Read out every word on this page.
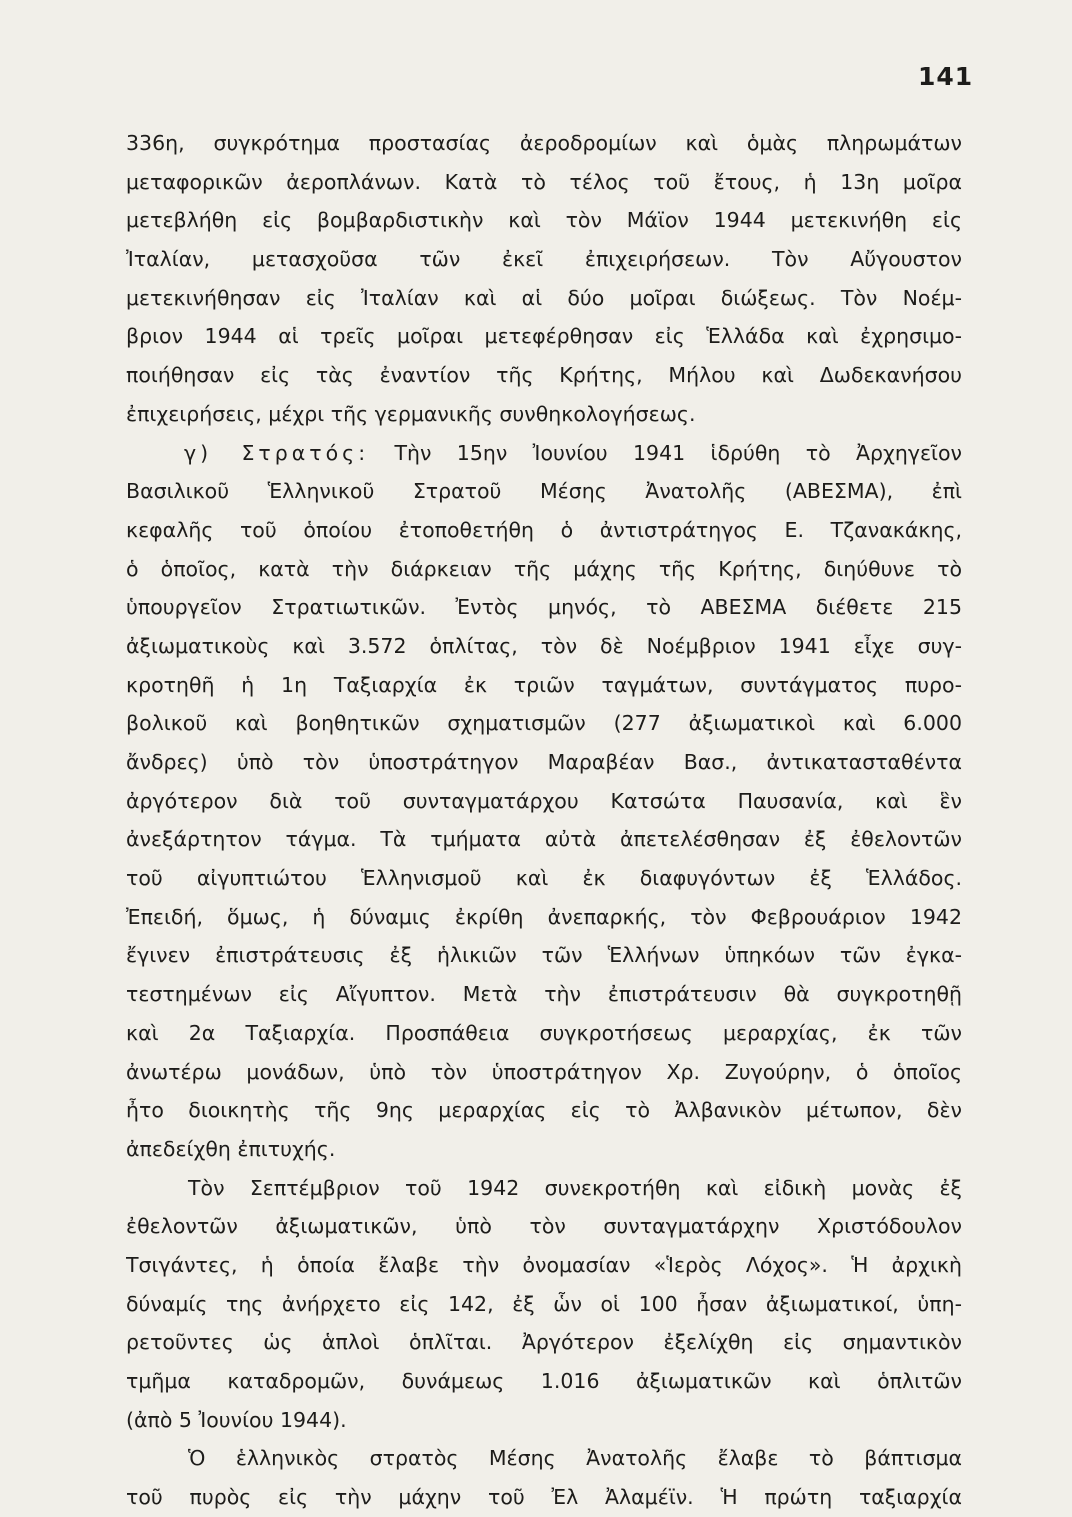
141
336η, συγκρότημα προστασίας ἀεροδρομίων καὶ ὁμὰς πληρωμάτων
μεταφορικῶν ἀεροπλάνων. Κατὰ τὸ τέλος τοῦ ἔτους, ἡ 13η μοῖρα
μετεβλήθη εἰς βομβαρδιστικὴν καὶ τὸν Μάϊον 1944 μετεκινήθη εἰς
Ἰταλίαν, μετασχοῦσα τῶν ἐκεῖ ἐπιχειρήσεων. Τὸν Αὔγουστον
μετεκινήθησαν εἰς Ἰταλίαν καὶ αἱ δύο μοῖραι διώξεως. Τὸν Νοέμ-
βριον 1944 αἱ τρεῖς μοῖραι μετεφέρθησαν εἰς Ἑλλάδα καὶ ἐχρησιμο-
ποιήθησαν εἰς τὰς ἐναντίον τῆς Κρήτης, Μήλου καὶ Δωδεκανήσου
ἐπιχειρήσεις, μέχρι τῆς γερμανικῆς συνθηκολογήσεως.
γ) Στρατός: Τὴν 15ην Ἰουνίου 1941 ἱδρύθη τὸ Ἀρχηγεῖον
Βασιλικοῦ Ἑλληνικοῦ Στρατοῦ Μέσης Ἀνατολῆς (ΑΒΕΣΜΑ), ἐπὶ
κεφαλῆς τοῦ ὁποίου ἐτοποθετήθη ὁ ἀντιστράτηγος Ε. Τζανακάκης,
ὁ ὁποῖος, κατὰ τὴν διάρκειαν τῆς μάχης τῆς Κρήτης, διηύθυνε τὸ
ὑπουργεῖον Στρατιωτικῶν. Ἐντὸς μηνός, τὸ ΑΒΕΣΜΑ διέθετε 215
ἀξιωματικοὺς καὶ 3.572 ὁπλίτας, τὸν δὲ Νοέμβριον 1941 εἶχε συγ-
κροτηθῆ ἡ 1η Ταξιαρχία ἐκ τριῶν ταγμάτων, συντάγματος πυρο-
βολικοῦ καὶ βοηθητικῶν σχηματισμῶν (277 ἀξιωματικοὶ καὶ 6.000
ἄνδρες) ὑπὸ τὸν ὑποστράτηγον Μαραβέαν Βασ., ἀντικατασταθέντα
ἀργότερον διὰ τοῦ συνταγματάρχου Κατσώτα Παυσανία, καὶ ἓν
ἀνεξάρτητον τάγμα. Τὰ τμήματα αὐτὰ ἀπετελέσθησαν ἐξ ἐθελοντῶν
τοῦ αἰγυπτιώτου Ἑλληνισμοῦ καὶ ἐκ διαφυγόντων ἐξ Ἑλλάδος.
Ἐπειδή, ὅμως, ἡ δύναμις ἐκρίθη ἀνεπαρκής, τὸν Φεβρουάριον 1942
ἔγινεν ἐπιστράτευσις ἐξ ἡλικιῶν τῶν Ἑλλήνων ὑπηκόων τῶν ἐγκα-
τεστημένων εἰς Αἴγυπτον. Μετὰ τὴν ἐπιστράτευσιν θὰ συγκροτηθῇ
καὶ 2α Ταξιαρχία. Προσπάθεια συγκροτήσεως μεραρχίας, ἐκ τῶν
ἀνωτέρω μονάδων, ὑπὸ τὸν ὑποστράτηγον Χρ. Ζυγούρην, ὁ ὁποῖος
ἦτο διοικητὴς τῆς 9ης μεραρχίας εἰς τὸ Ἀλβανικὸν μέτωπον, δὲν
ἀπεδείχθη ἐπιτυχής.
Τὸν Σεπτέμβριον τοῦ 1942 συνεκροτήθη καὶ εἰδικὴ μονὰς ἐξ
ἐθελοντῶν ἀξιωματικῶν, ὑπὸ τὸν συνταγματάρχην Χριστόδουλον
Τσιγάντες, ἡ ὁποία ἔλαβε τὴν ὀνομασίαν «Ἱερὸς Λόχος». Ἡ ἀρχικὴ
δύναμίς της ἀνήρχετο εἰς 142, ἐξ ὧν οἱ 100 ἦσαν ἀξιωματικοί, ὑπη-
ρετοῦντες ὡς ἁπλοὶ ὁπλῖται. Ἀργότερον ἐξελίχθη εἰς σημαντικὸν
τμῆμα καταδρομῶν, δυνάμεως 1.016 ἀξιωματικῶν καὶ ὁπλιτῶν
(ἀπὸ 5 Ἰουνίου 1944).
Ὁ ἑλληνικὸς στρατὸς Μέσης Ἀνατολῆς ἔλαβε τὸ βάπτισμα
τοῦ πυρὸς εἰς τὴν μάχην τοῦ Ἐλ Ἀλαμέϊν. Ἡ πρώτη ταξιαρχία
